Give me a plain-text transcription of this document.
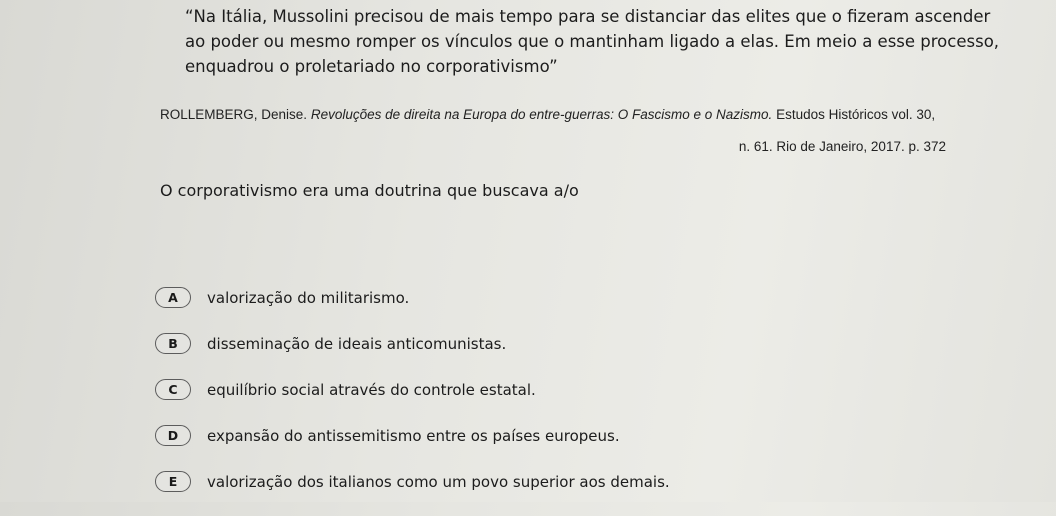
“Na Itália, Mussolini precisou de mais tempo para se distanciar das elites que o fizeram ascender
ao poder ou mesmo romper os vínculos que o mantinham ligado a elas. Em meio a esse processo,
enquadrou o proletariado no corporativismo”
ROLLEMBERG, Denise. Revoluções de direita na Europa do entre-guerras: O Fascismo e o Nazismo. Estudos Históricos vol. 30,
n. 61. Rio de Janeiro, 2017. p. 372
O corporativismo era uma doutrina que buscava a/o
A	valorização do militarismo.
B	disseminação de ideais anticomunistas.
C	equilíbrio social através do controle estatal.
D	expansão do antissemitismo entre os países europeus.
E	valorização dos italianos como um povo superior aos demais.
